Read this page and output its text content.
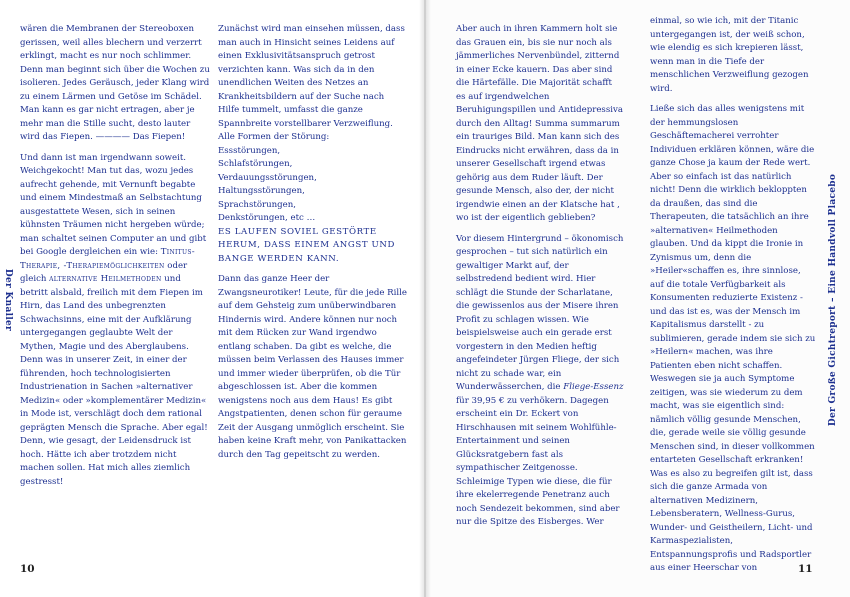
wären die Membranen der Stereoboxen gerissen, weil alles blechern und verzerrt erklingt, macht es nur noch schlimmer. Denn man beginnt sich über die Wochen zu isolieren. Jedes Geräusch, jeder Klang wird zu einem Lärmen und Getöse im Schädel. Man kann es gar nicht ertragen, aber je mehr man die Stille sucht, desto lauter wird das Fiepen. ———— Das Fiepen!

Und dann ist man irgendwann soweit. Weichgekocht! Man tut das, wozu jedes aufrecht gehende, mit Vernunft begabte und einem Mindestmaß an Selbstachtung ausgestattete Wesen, sich in seinen kühnsten Träumen nicht hergeben würde; man schaltet seinen Computer an und gibt bei Google dergleichen ein wie: Tinitus-Therapie, -Therapiemöglichkeiten oder gleich alternative Heilmethoden und betritt alsbald, freilich mit dem Fiepen im Hirn, das Land des unbegrenzten Schwachsinns, eine mit der Aufklärung untergegangen geglaubte Welt der Mythen, Magie und des Aberglaubens. Denn was in unserer Zeit, in einer der führenden, hoch technologisierten Industrienation in Sachen »alternativer Medizin« oder »komplementärer Medizin« in Mode ist, verschlägt doch dem rational geprägten Mensch die Sprache. Aber egal! Denn, wie gesagt, der Leidensdruck ist hoch. Hätte ich aber trotzdem nicht machen sollen. Hat mich alles ziemlich gestresst!

Zunächst wird man einsehen müssen, dass man auch in Hinsicht seines Leidens auf einen Exklusivitätsanspruch getrost verzichten kann. Was sich da in den unendlichen Weiten des Netzes an Krankheitsbildern auf der Suche nach Hilfe tummelt, umfasst die ganze Spannbreite vorstellbarer Verzweiflung. Alle Formen der Störung:

Essstörungen,
Schlafstörungen,
Verdauungsstörungen,
Haltungsstörungen,
Sprachstörungen,
Denkstörungen, etc …

ES LAUFEN SOVIEL GESTÖRTE HERUM, DASS EINEM ANGST UND BANGE WERDEN KANN.

Dann das ganze Heer der Zwangsneurotiker! Leute, für die jede Rille auf dem Gehsteig zum unüberwindbaren Hindernis wird. Andere können nur noch mit dem Rücken zur Wand irgendwo entlang schaben. Da gibt es welche, die müssen beim Verlassen des Hauses immer und immer wieder überprüfen, ob die Tür abgeschlossen ist. Aber die kommen wenigstens noch aus dem Haus! Es gibt Angstpatienten, denen schon für geraume Zeit der Ausgang unmöglich erscheint. Sie haben keine Kraft mehr, von Panikattacken durch den Tag gepeitscht zu werden.

Der Knaller
10

Aber auch in ihren Kammern holt sie das Grauen ein, bis sie nur noch als jämmerliches Nervenbündel, zitternd in einer Ecke kauern. Das aber sind die Härtefälle. Die Majorität schafft es auf irgendwelchen Beruhigungspillen und Antidepressiva durch den Alltag! Summa summarum ein trauriges Bild. Man kann sich des Eindrucks nicht erwähren, dass da in unserer Gesellschaft irgend etwas gehörig aus dem Ruder läuft. Der gesunde Mensch, also der, der nicht irgendwie einen an der Klatsche hat , wo ist der eigentlich geblieben?

Vor diesem Hintergrund – ökonomisch gesprochen – tut sich natürlich ein gewaltiger Markt auf, der selbstredend bedient wird. Hier schlägt die Stunde der Scharlatane, die gewissenlos aus der Misere ihren Profit zu schlagen wissen. Wie beispielsweise auch ein gerade erst vorgestern in den Medien heftig angefeindeter Jürgen Fliege, der sich nicht zu schade war, ein Wunderwässerchen, die Fliege-Essenz für 39,95 € zu verhökern. Dagegen erscheint ein Dr. Eckert von Hirschhausen mit seinem Wohlfühle-Entertainment und seinen Glücksratgebern fast als sympathischer Zeitgenosse. Schleimige Typen wie diese, die für ihre ekelerregende Penetranz auch noch Sendezeit bekommen, sind aber nur die Spitze des Eisberges. Wer

einmal, so wie ich, mit der Titanic untergegangen ist, der weiß schon, wie elendig es sich krepieren lässt, wenn man in die Tiefe der menschlichen Verzweiflung gezogen wird.

Ließe sich das alles wenigstens mit der hemmungslosen Geschäftemacherei verrohter Individuen erklären können, wäre die ganze Chose ja kaum der Rede wert. Aber so einfach ist das natürlich nicht! Denn die wirklich bekloppten da draußen, das sind die Therapeuten, die tatsächlich an ihre »alternativen« Heilmethoden glauben. Und da kippt die Ironie in Zynismus um, denn die »Heiler«schaffen es, ihre sinnlose, auf die totale Verfügbarkeit als Konsumenten reduzierte Existenz - und das ist es, was der Mensch im Kapitalismus darstellt - zu sublimieren, gerade indem sie sich zu »Heilern« machen, was ihre Patienten eben nicht schaffen. Weswegen sie ja auch Symptome zeitigen, was sie wiederum zu dem macht, was sie eigentlich sind: nämlich völlig gesunde Menschen, die, gerade weile sie völlig gesunde Menschen sind, in dieser vollkommen entarteten Gesellschaft erkranken! Was es also zu begreifen gilt ist, dass sich die ganze Armada von alternativen Medizinern, Lebensberatern, Wellness-Gurus, Wunder- und Geistheilern, Licht- und Karmaspezialisten, Entspannungsprofis und Radsportler aus einer Heerschar von

Der Große Gichtreport – Eine Handvoll Placebo
11
